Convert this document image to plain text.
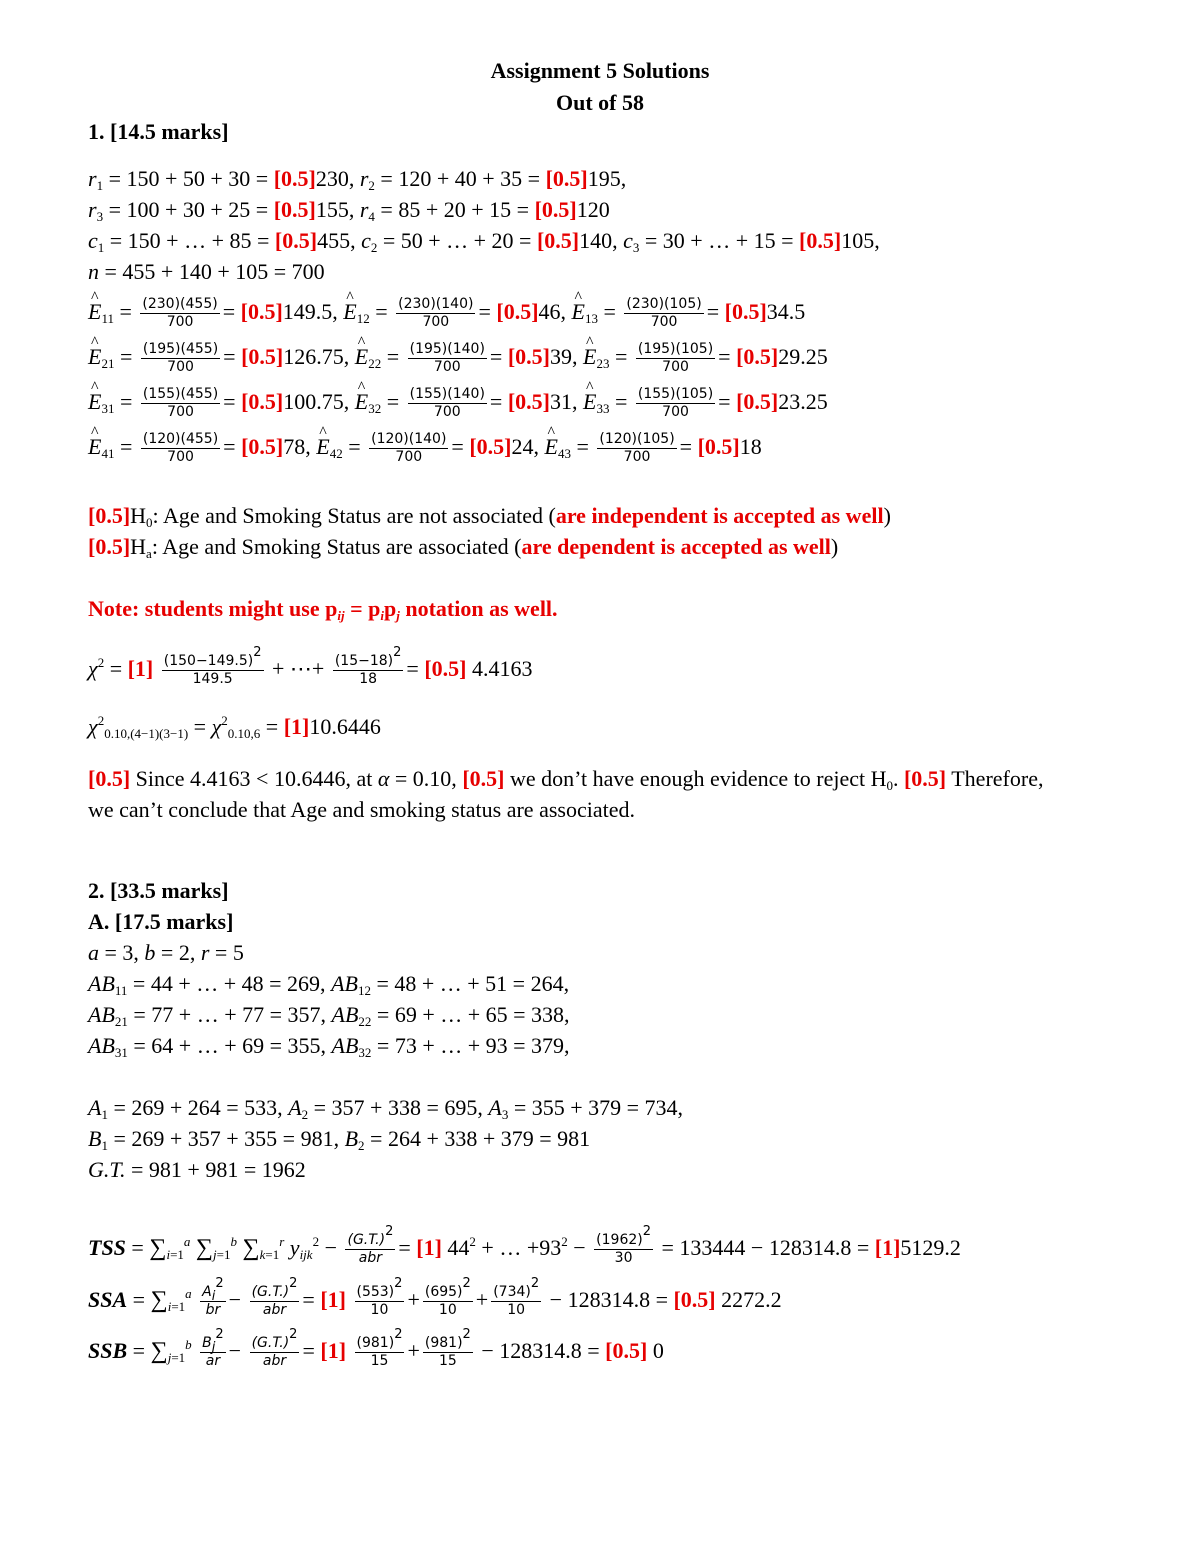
Assignment 5 Solutions
Out of 58
1. [14.5 marks]
$r_1 = 150 + 50 + 30 = [0.5]230$, $r_2 = 120 + 40 + 35 = [0.5]195$,
$r_3 = 100 + 30 + 25 = [0.5]155$, $r_4 = 85 + 20 + 15 = [0.5]120$
$c_1 = 150$ + … + 85 = [0.5]455, $c_2 = 50$ + … + 20 = [0.5]140, $c_3 = 30$ + … + 15 = [0.5]105,
n = 455 + 140 + 105 = 700
^ $E_{11} = \frac{(230)(455)}{700} = [0.5]149.5$, ^ $E_{12} = \frac{(230)(140)}{700} = [0.5]46$, ^ $E_{13} = \frac{(230)(105)}{700} = [0.5]34.5$
^ $E_{21} = \frac{(195)(455)}{700} = [0.5]126.75$, ^ $E_{22} = \frac{(195)(140)}{700} = [0.5]39$, ^ $E_{23} = \frac{(195)(105)}{700} = [0.5]29.25$
^ $E_{31} = \frac{(155)(455)}{700} = [0.5]100.75$, ^ $E_{32} = \frac{(155)(140)}{700} = [0.5]31$, ^ $E_{33} = \frac{(155)(105)}{700} = [0.5]23.25$
^ $E_{41} = \frac{(120)(455)}{700} = [0.5]78$, ^ $E_{42} = \frac{(120)(140)}{700} = [0.5]24$, ^ $E_{43} = \frac{(120)(105)}{700} = [0.5]18$
$[0.5]H_0$: Age and Smoking Status are not associated (are independent is accepted as well)
$[0.5]H_a$: Age and Smoking Status are associated (are dependent is accepted as well)
Note: students might use $p_{ij} = p_ip_j$ notation as well.
$\chi^2 = [1] \frac{(150-149.5)^2}{149.5}$ + ⋯+ $\frac{(15-18)^2}{18} = [0.5]$ 4.4163
$\chi^2_{0.10,(4-1)(3-1)} = \chi^2_{0.10,6} = [1]10.6446$
[0.5] Since 4.4163 < 10.6446, at α = 0.10, [0.5] we don’t have enough evidence to reject $H_0$. [0.5] Therefore,
we can’t conclude that Age and smoking status are associated.
2. [33.5 marks]
A. [17.5 marks]
a = 3, b = 2, r = 5
$AB_{11} = 44$ + … + 48 = 269, $AB_{12} = 48$ + … + 51 = 264,
$AB_{21} = 77$ + … + 77 = 357, $AB_{22} = 69$ + … + 65 = 338,
$AB_{31} = 64$ + … + 69 = 355, $AB_{32} = 73$ + … + 93 = 379,
$A_1 = 269 + 264 = 533$, $A_2 = 357 + 338 = 695$, $A_3 = 355 + 379 = 734$,
$B_1 = 269 + 357 + 355 = 981$, $B_2 = 264 + 338 + 379 = 981$
G.T. = 981 + 981 = 1962
TSS = $\sum_{i=1}^a$ $\sum_{j=1}^b$ $\sum_{k=1}^r$ $y_{ijk}^2 - \frac{(G.T.)^2}{\text{abr}} = [1] 44^2$ + … $+93^2 - \frac{(1962)^2}{30} = 133444 - 128314.8 = [1]5129.2$
SSA = $\sum_{i=1}^a \frac{A_i^2}{br} - \frac{(G.T.)^2}{\text{abr}} = [1] \frac{(553)^2}{10} + \frac{(695)^2}{10} + \frac{(734)^2}{10} - 128314.8 = [0.5]$ 2272.2
SSB = $\sum_{j=1}^b \frac{B_j^2}{ar} - \frac{(G.T.)^2}{\text{abr}} = [1] \frac{(981)^2}{15} + \frac{(981)^2}{15} - 128314.8 = [0.5]$ 0
